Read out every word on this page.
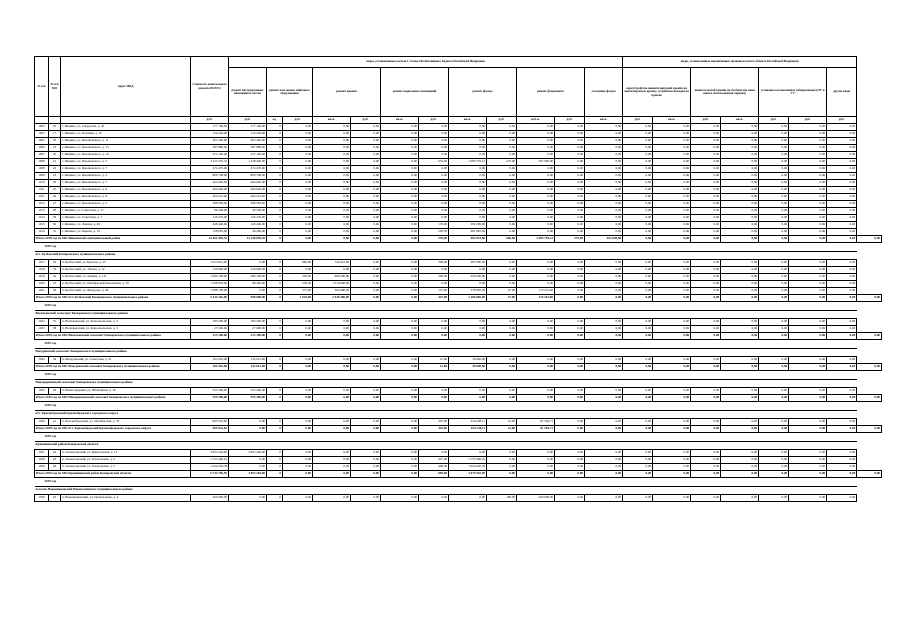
№ п/п	№ п/п МО	Адрес МКД	Стоимость капитального ремонта ВСЕГО	виды, установленные частью 1 статьи 166 Жилищного Кодекса Российской Федерации												виды, установленные нормативным правовым актом субъекта Российской Федерации							
				ремонт внутридомовых инженерных систем	ремонт или замена лифтового оборудования		ремонт крыши		ремонт подвальных помещений		ремонт фасада		ремонт фундамента		утепление фасада	переустройство невентилируемой крыши на вентилируемую крышу, устройство выходов на кровлю		замена плоской крыши на скатную (не ниже нового использования чердака)		установка коллективных (общедомовых) ПУ и УУ		другие виды	
			руб.	руб.	ед.	руб.	кв.м.	руб.	кв.м.	руб.	кв.м.	руб.	куб.м.	руб.	кв.м.	руб.	кв.м.	руб.	кв.м.	руб.	руб.	руб.	
1002	16	г. Яшкино, ул. Свердлова, д. 45	177 106,00	177 106,00	0	0,00	0,00	0,00	0,00	0,00	0,00	0,00	0,00	0,00	0,00	0,00	0,00	0,00	0,00	0,00	0,00	0,00	
1003	17	г. Яшкино, ул. Осенняя, д. 19	154 204,00	154 204,00	0	0,00	0,00	0,00	0,00	0,00	0,00	0,00	0,00	0,00	0,00	0,00	0,00	0,00	0,00	0,00	0,00	0,00	
1005	18	г. Яшкино, ул. Циолковского, д. 11	405 346,00	405 346,00	0	0,00	0,00	0,00	0,00	0,00	0,00	0,00	0,00	0,00	0,00	0,00	0,00	0,00	0,00	0,00	0,00	0,00	
1006	19	г. Яшкино, ул. Циолковского, д. 13	387 880,00	387 880,00	0	0,00	0,00	0,00	0,00	0,00	0,00	0,00	0,00	0,00	0,00	0,00	0,00	0,00	0,00	0,00	0,00	0,00	
1007	20	г. Яшкино, ул. Циолковского, д. 16	472 160,40	472 160,40	0	0,00	0,00	0,00	0,00	0,00	0,00	0,00	0,00	0,00	0,00	0,00	0,00	0,00	0,00	0,00	0,00	0,00	
1008	21	г. Яшкино, ул. Циолковского, д. 5	3 125 255,32	1 228 440,00	0	0,00	0,00	0,00	0,00	654,00	1 083 755,12	275,00	297 060,00	0,00	0,00	0,00	0,00	0,00	0,00	0,00	0,00	0,00	
1008	22	г. Яшкино, ул. Циолковского, д. 7	274 470,00	274 470,00	0	0,00	0,00	0,00	0,00	0,00	0,00	0,00	0,00	0,00	0,00	0,00	0,00	0,00	0,00	0,00	0,00	0,00	
1009	23	г. Яшкино, ул. Циолковского, д. 3	809 748,00	809 748,00	0	0,00	0,00	0,00	0,00	0,00	0,00	0,00	0,00	0,00	0,00	0,00	0,00	0,00	0,00	0,00	0,00	0,00	
1010	24	г. Яшкино, ул. Циолковского, д. 7	464 926,00	464 926,00	0	0,00	0,00	0,00	0,00	0,00	0,00	0,00	0,00	0,00	0,00	0,00	0,00	0,00	0,00	0,00	0,00	0,00	
1011	25	г. Яшкино, ул. Циолковского, д. 6	464 926,00	464 926,00	0	0,00	0,00	0,00	0,00	0,00	0,00	0,00	0,00	0,00	0,00	0,00	0,00	0,00	0,00	0,00	0,00	0,00	
1011	26	г. Яшкино, ул. Циолковского, д. 8	464 212,40	464 212,40	0	0,00	0,00	0,00	0,00	0,00	0,00	0,00	0,00	0,00	0,00	0,00	0,00	0,00	0,00	0,00	0,00	0,00	
1012	27	г. Яшкино, ул. Циолковского, д. 2	388 584,00	388 584,00	0	0,00	0,00	0,00	0,00	0,00	0,00	0,00	0,00	0,00	0,00	0,00	0,00	0,00	0,00	0,00	0,00	0,00	
1013	28	г. Яшкино, ул. Советская, д. 17	96 348,00	96 348,00	0	0,00	0,00	0,00	0,00	0,00	0,00	0,00	0,00	0,00	0,00	0,00	0,00	0,00	0,00	0,00	0,00	0,00	
1014	29	г. Яшкино, ул. Советская, д. 7	126 276,00	126 276,00	0	0,00	0,00	0,00	0,00	0,00	0,00	0,00	0,00	0,00	0,00	0,00	0,00	0,00	0,00	0,00	0,00	0,00	
1015	30	г. Яшкино, ул. Ленина, д. 49	448 446,00	166 246,00	0	0,00	0,00	0,00	0,00	170,00	282 200,00	0,00	0,00	0,00	0,00	0,00	0,00	0,00	0,00	0,00	0,00	0,00	
1016	31	г. Яшкино, ул. Кирова, д. 16	728 081,00	46 200,00	0	0,00	0,00	0,00	0,00	283,50	681 881,00	0,00	0,00	0,00	0,00	0,00	0,00	0,00	0,00	0,00	0,00	0,00	
Итого 2019 год по МО Яшкинский муниципальный район			14 401 095,32	11 238 039,20	0	0,00	0,00	0,00	0,00	270,00	964 931,00	656,00	1 083 755,12	275,00	452 650,00	0,00	0,00	0,00	0,00	0,00	0,00	0,00	0,00
2019 год																							
пгт. Кузбасский Кемеровского муниципального района																							
1017	32	п. Кузбасский, ул. Братьев, д. 15	1 013 912,00	0,00	0	882,00	726 912,00	0,00	0,00	300,00	287 000,00	0,00	0,00	0,00	0,00	0,00	0,00	0,00	0,00	0,00	0,00	0,00	
1018	33	п. Кузбасский, ул. Титова, д. 12	129 600,00	129 600,00	0	0,00	0,00	0,00	0,00	0,00	0,00	0,00	0,00	0,00	0,00	0,00	0,00	0,00	0,00	0,00	0,00	0,00	
1019	34	п. Кузбасский, ул. Ленина, д. 131	1 960 128,00	380 128,00	0	320,00	980 000,00	0,00	0,00	300,00	600 000,00	0,00	0,00	0,00	0,00	0,00	0,00	0,00	0,00	0,00	0,00	0,00	
1020	35	п. Кузбасский, ул. Октябрьской Революции, д. 78	1 598 832,00	88 362,00	0	530,00	1 510 840,00	0,00	0,00	0,00	0,00	0,00	0,00	0,00	0,00	0,00	0,00	0,00	0,00	0,00	0,00	0,00	
1021	36	п. Кузбасский, ул. Федорова, д. 49	1 088 700,00	0,00	0	375,00	394 680,00	0,00	0,00	137,00	578 805,00	27,00	115 215,00	0,00	0,00	0,00	0,00	0,00	0,00	0,00	0,00	0,00	
Итого 2019 год по МО пгт. Кузбасский Кемеровского муниципального района			5 424 162,00	598 090,00	0	1 025,00	2 549 460,00	0,00	0,00	437,00	1 286 805,00	27,00	115 215,00	0,00	0,00	0,00	0,00	0,00	0,00	0,00	0,00	0,00	0,00
2019 год																							
Васильевский сельсовет Кемеровского муниципального района																							
1022	37	п. Васильевский, ул. Комсомольская, д. 3	185 500,00	185 500,00	0	0,00	0,00	0,00	0,00	0,00	0,00	0,00	0,00	0,00	0,00	0,00	0,00	0,00	0,00	0,00	0,00	0,00	
1023	38	п. Васильевский, ул. Комсомольская, д. 5	27 600,00	27 600,00	0	0,00	0,00	0,00	0,00	0,00	0,00	0,00	0,00	0,00	0,00	0,00	0,00	0,00	0,00	0,00	0,00	0,00	
Итого 2019 год по МО Васильевский сельсовет Кемеровского муниципального района			213 100,00	213 100,00	0	0,00	0,00	0,00	0,00	0,00	0,00	0,00	0,00	0,00	0,00	0,00	0,00	0,00	0,00	0,00	0,00	0,00	0,00
2019 год																							
Мазуровский сельсовет Кемеровского муниципального района																							
1024	39	п. Мазуровский, ул. Советская, д. 21	163 432,00	132 612,00	0	0,00	0,00	0,00	0,00	12,00	30 840,00	0,00	0,00	0,00	0,00	0,00	0,00	0,00	0,00	0,00	0,00	0,00	
Итого 2019 год по МО Мазуровский сельсовет Кемеровского муниципального района			163 452,00	132 612,00	0	0,00	0,00	0,00	0,00	12,00	30 840,00	0,00	0,00	0,00	0,00	0,00	0,00	0,00	0,00	0,00	0,00	0,00	0,00
2019 год																							
Новодеревенский сельсовет Кемеровского муниципального района																							
1025	40	п. Новая Деревня, ул. Юбилейная, д. 20	555 296,00	555 296,00	0	0,00	0,00	0,00	0,00	0,00	0,00	0,00	0,00	0,00	0,00	0,00	0,00	0,00	0,00	0,00	0,00	0,00	
Итого 2019 год по МО Новодеревенский сельсовет Кемеровского муниципального района			555 296,00	555 296,00	0	0,00	0,00	0,00	0,00	0,00	0,00	0,00	0,00	0,00	0,00	0,00	0,00	0,00	0,00	0,00	0,00	0,00	0,00
2019 год																							
пгт. Краснобродский Краснобродского городского округа																							
1026	41	п. Краснобродский, ул. Октябрьская, д. 53	995 032,82	0,00	0	0,00	0,00	0,00	0,00	425,00	914 238,11	41,00	81 594,71	0,00	0,00	0,00	0,00	0,00	0,00	0,00	0,00	0,00	
Итого 2019 год по МО пгт. Краснобродский Краснобродского городского округа			995 032,82	0,00	0	0,00	0,00	0,00	0,00	425,00	914 238,11	41,00	81 594,71	0,00	0,00	0,00	0,00	0,00	0,00	0,00	0,00	0,00	0,00
2019 год																							
Крапивинский район Кемеровской области																							
1027	42	п. Зеленогорский, ул. Центральная, д. 13	3 853 204,00	3 853 204,00	0	0,00	0,00	0,00	0,00	0,00	0,00	0,00	0,00	0,00	0,00	0,00	0,00	0,00	0,00	0,00	0,00	0,00	
1028	43	п. Зеленогорский, ул. Театральная, д. 2	1 755 496,25	0,00	0	0,00	0,00	0,00	0,00	427,00	1 755 496,25	0,00	0,00	0,00	0,00	0,00	0,00	0,00	0,00	0,00	0,00	0,00	
1029	44	п. Зеленогорский, ул. Театральная, д. 3	1 924 056,78	0,00	0	0,00	0,00	0,00	0,00	468,00	1 924 056,78	0,00	0,00	0,00	0,00	0,00	0,00	0,00	0,00	0,00	0,00	0,00	
Итого 2019 год по МО Крапивинский район Кемеровской области			6 732 756,59	3 853 204,00	0	0,00	0,00	0,00	0,00	895,00	3 679 552,59	0,00	0,00	0,00	0,00	0,00	0,00	0,00	0,00	0,00	0,00	0,00	0,00
2019 год																							
поселок Новоивановский Новокузнецкого муниципального района																							
1030	45	п. Новоивановский, ул. Центральная, д. 4	200 000,00	0,00	0	0,00	0,00	0,00	0,00	0,00	0,00	100,00	200 000,00	0,00	0,00	0,00	0,00	0,00	0,00	0,00	0,00	0,00	
